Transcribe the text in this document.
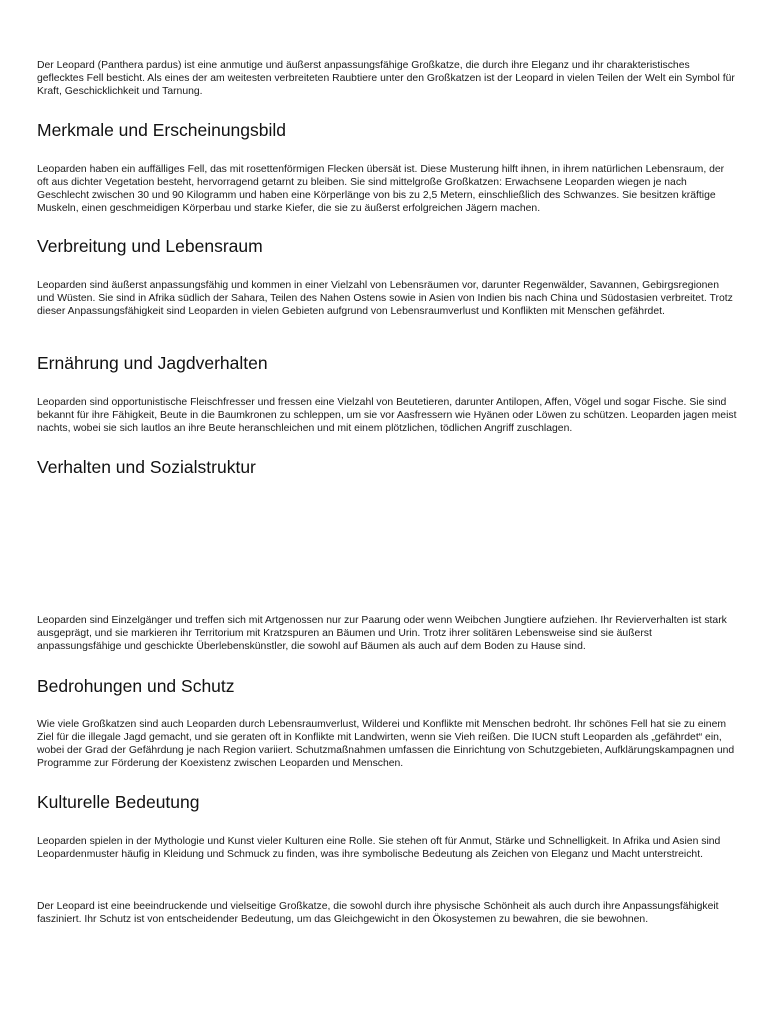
Der Leopard (Panthera pardus) ist eine anmutige und äußerst anpassungsfähige Großkatze, die durch ihre Eleganz und ihr charakteristisches geflecktes Fell besticht. Als eines der am weitesten verbreiteten Raubtiere unter den Großkatzen ist der Leopard in vielen Teilen der Welt ein Symbol für Kraft, Geschicklichkeit und Tarnung.

Merkmale und Erscheinungsbild

Leoparden haben ein auffälliges Fell, das mit rosettenförmigen Flecken übersät ist. Diese Musterung hilft ihnen, in ihrem natürlichen Lebensraum, der oft aus dichter Vegetation besteht, hervorragend getarnt zu bleiben. Sie sind mittelgroße Großkatzen: Erwachsene Leoparden wiegen je nach Geschlecht zwischen 30 und 90 Kilogramm und haben eine Körperlänge von bis zu 2,5 Metern, einschließlich des Schwanzes. Sie besitzen kräftige Muskeln, einen geschmeidigen Körperbau und starke Kiefer, die sie zu äußerst erfolgreichen Jägern machen.

Verbreitung und Lebensraum

Leoparden sind äußerst anpassungsfähig und kommen in einer Vielzahl von Lebensräumen vor, darunter Regenwälder, Savannen, Gebirgsregionen und Wüsten. Sie sind in Afrika südlich der Sahara, Teilen des Nahen Ostens sowie in Asien von Indien bis nach China und Südostasien verbreitet. Trotz dieser Anpassungsfähigkeit sind Leoparden in vielen Gebieten aufgrund von Lebensraumverlust und Konflikten mit Menschen gefährdet.

Ernährung und Jagdverhalten

Leoparden sind opportunistische Fleischfresser und fressen eine Vielzahl von Beutetieren, darunter Antilopen, Affen, Vögel und sogar Fische. Sie sind bekannt für ihre Fähigkeit, Beute in die Baumkronen zu schleppen, um sie vor Aasfressern wie Hyänen oder Löwen zu schützen. Leoparden jagen meist nachts, wobei sie sich lautlos an ihre Beute heranschleichen und mit einem plötzlichen, tödlichen Angriff zuschlagen.

Verhalten und Sozialstruktur

Leoparden sind Einzelgänger und treffen sich mit Artgenossen nur zur Paarung oder wenn Weibchen Jungtiere aufziehen. Ihr Revierverhalten ist stark ausgeprägt, und sie markieren ihr Territorium mit Kratzspuren an Bäumen und Urin. Trotz ihrer solitären Lebensweise sind sie äußerst anpassungsfähige und geschickte Überlebenskünstler, die sowohl auf Bäumen als auch auf dem Boden zu Hause sind.

Bedrohungen und Schutz

Wie viele Großkatzen sind auch Leoparden durch Lebensraumverlust, Wilderei und Konflikte mit Menschen bedroht. Ihr schönes Fell hat sie zu einem Ziel für die illegale Jagd gemacht, und sie geraten oft in Konflikte mit Landwirten, wenn sie Vieh reißen. Die IUCN stuft Leoparden als „gefährdet“ ein, wobei der Grad der Gefährdung je nach Region variiert. Schutzmaßnahmen umfassen die Einrichtung von Schutzgebieten, Aufklärungskampagnen und Programme zur Förderung der Koexistenz zwischen Leoparden und Menschen.

Kulturelle Bedeutung

Leoparden spielen in der Mythologie und Kunst vieler Kulturen eine Rolle. Sie stehen oft für Anmut, Stärke und Schnelligkeit. In Afrika und Asien sind Leopardenmuster häufig in Kleidung und Schmuck zu finden, was ihre symbolische Bedeutung als Zeichen von Eleganz und Macht unterstreicht.

Der Leopard ist eine beeindruckende und vielseitige Großkatze, die sowohl durch ihre physische Schönheit als auch durch ihre Anpassungsfähigkeit fasziniert. Ihr Schutz ist von entscheidender Bedeutung, um das Gleichgewicht in den Ökosystemen zu bewahren, die sie bewohnen.
